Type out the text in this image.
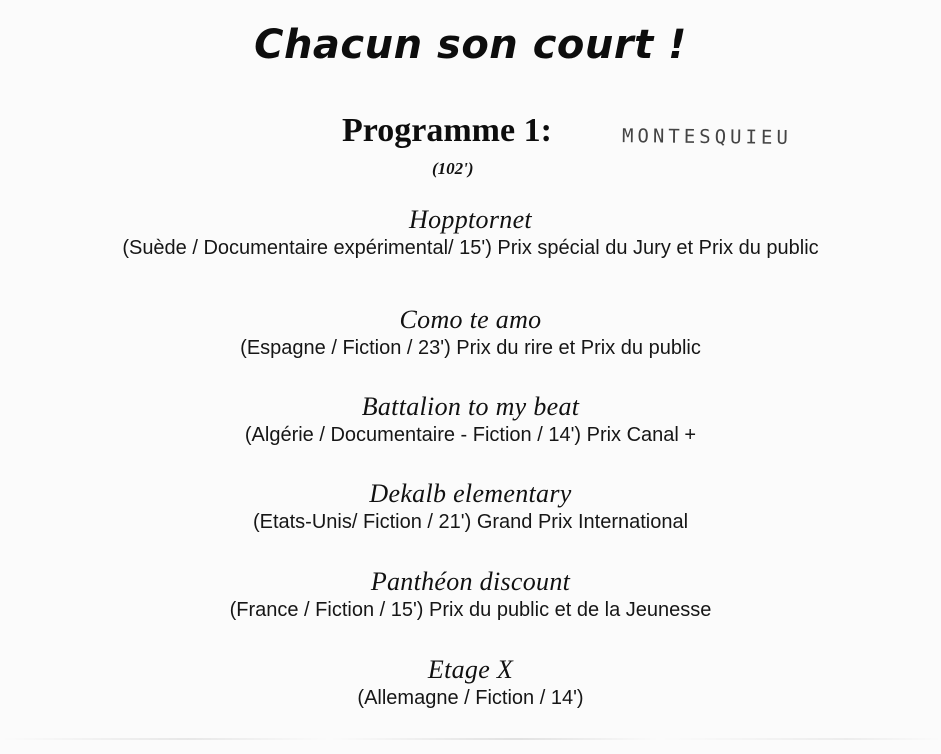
Chacun son court !
Programme 1:	MONTESQUIEU
(102')
Hopptornet
(Suède / Documentaire expérimental/ 15') Prix spécial du Jury et Prix du public
Como te amo
(Espagne / Fiction / 23') Prix du rire et Prix du public
Battalion to my beat
(Algérie / Documentaire - Fiction / 14') Prix Canal +
Dekalb elementary
(Etats-Unis/ Fiction / 21') Grand Prix International
Panthéon discount
(France / Fiction / 15') Prix du public et de la Jeunesse
Etage X
(Allemagne / Fiction / 14')
